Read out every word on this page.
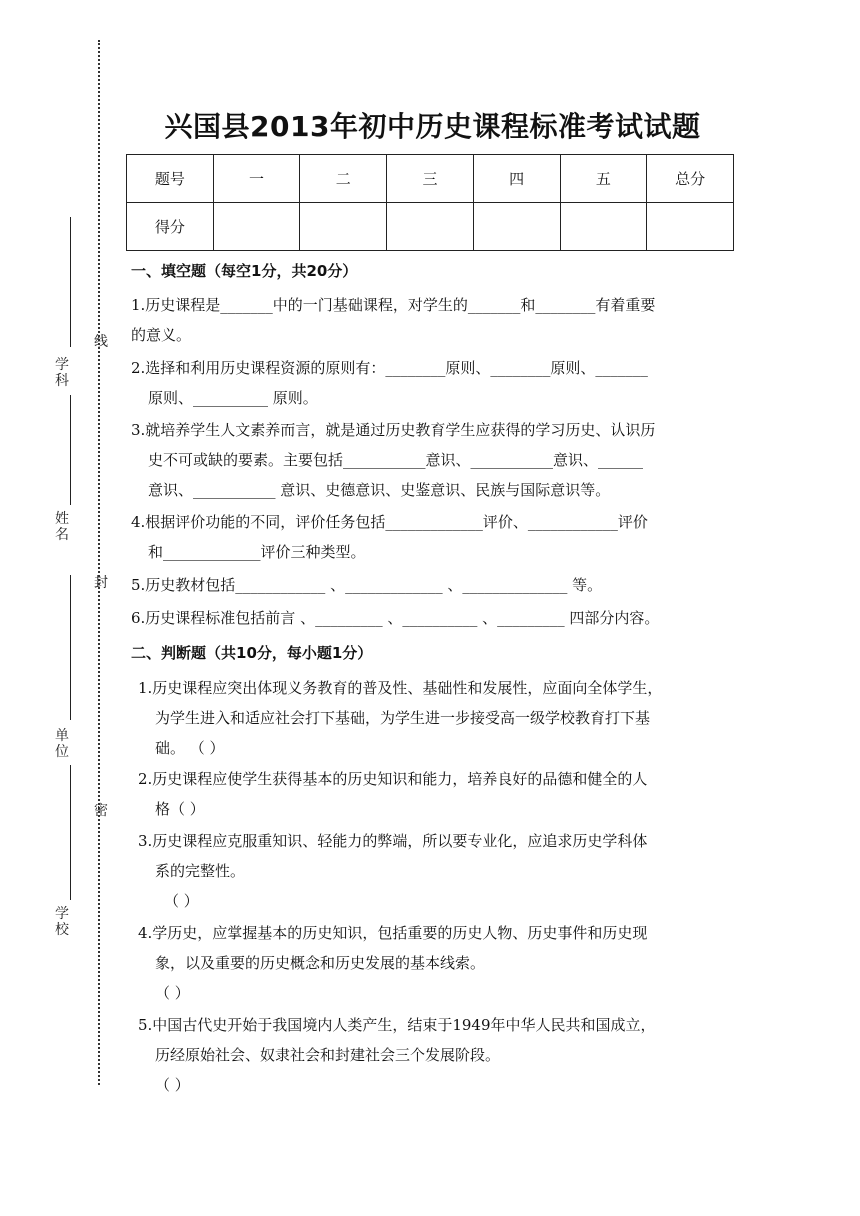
线
封
密
学科
姓名
单位
学校
兴国县2013年初中历史课程标准考试试题
题号	一	二	三	四	五	总分
得分						
一、填空题（每空1分，共20分）

1.历史课程是_______中的一门基础课程，对学生的_______和________有着重要

的意义。

2.选择和利用历史课程资源的原则有：________原则、________原则、_______

原则、__________ 原则。

3.就培养学生人文素养而言，就是通过历史教育学生应获得的学习历史、认识历

史不可或缺的要素。主要包括___________意识、___________意识、______

意识、___________ 意识、史德意识、史鉴意识、民族与国际意识等。

4.根据评价功能的不同，评价任务包括_____________评价、____________评价

和_____________评价三种类型。

5.历史教材包括____________ 、_____________ 、______________ 等。

6.历史课程标准包括前言 、_________ 、__________ 、_________ 四部分内容。

二、判断题（共10分，每小题1分）

1.历史课程应突出体现义务教育的普及性、基础性和发展性，应面向全体学生，

为学生进入和适应社会打下基础，为学生进一步接受高一级学校教育打下基

础。 （ ）

2.历史课程应使学生获得基本的历史知识和能力，培养良好的品德和健全的人

格（ ）

3.历史课程应克服重知识、轻能力的弊端，所以要专业化，应追求历史学科体

系的完整性。

（ ）

4.学历史，应掌握基本的历史知识，包括重要的历史人物、历史事件和历史现

象，以及重要的历史概念和历史发展的基本线索。

（ ）

5.中国古代史开始于我国境内人类产生，结束于1949年中华人民共和国成立，

历经原始社会、奴隶社会和封建社会三个发展阶段。

（ ）
